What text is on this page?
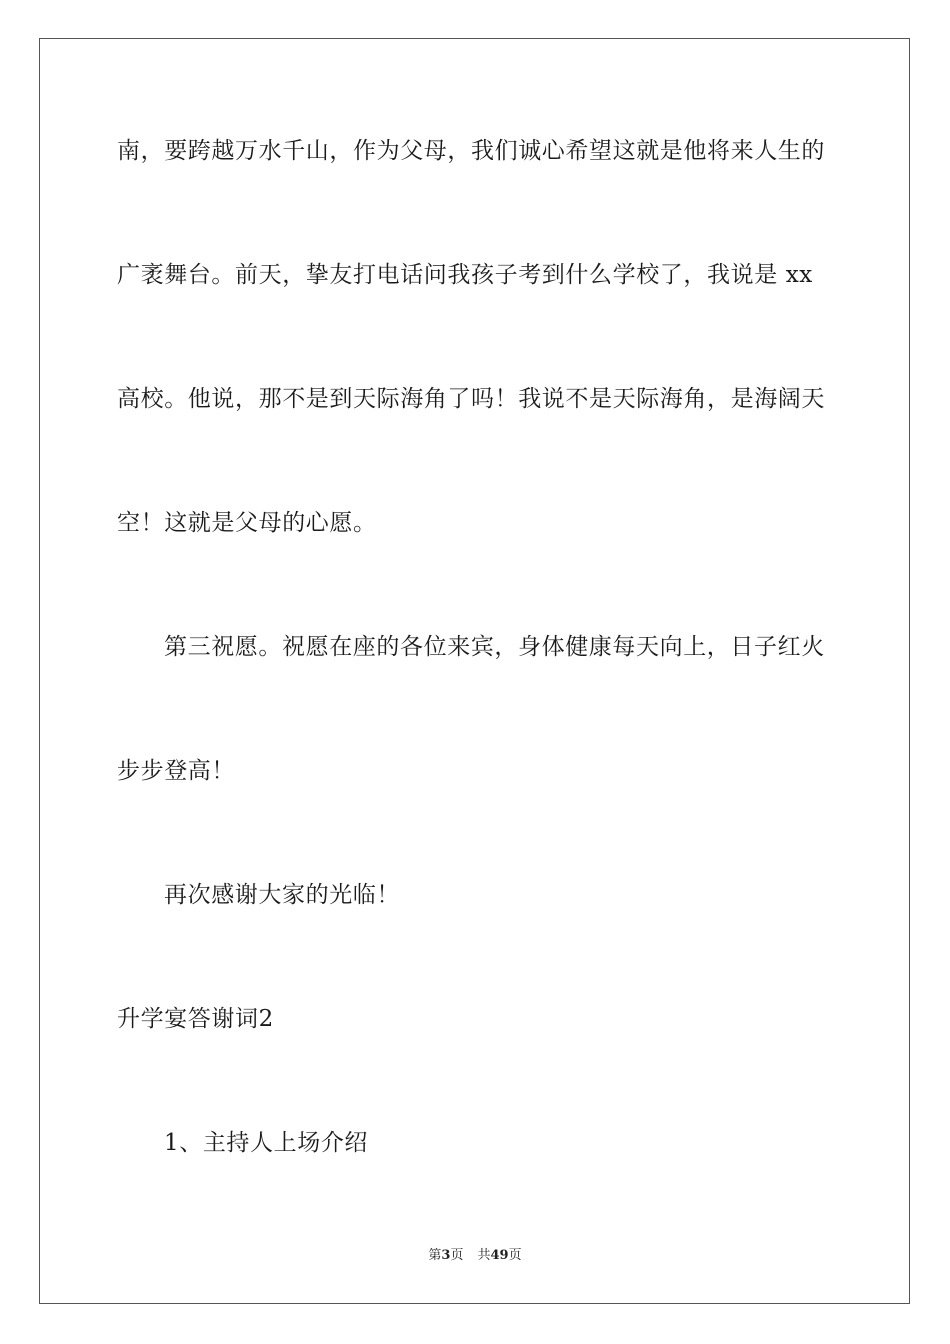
南，要跨越万水千山，作为父母，我们诚心希望这就是他将来人生的
广袤舞台。前天，挚友打电话问我孩子考到什么学校了，我说是 xx
高校。他说，那不是到天际海角了吗！我说不是天际海角，是海阔天
空！这就是父母的心愿。
第三祝愿。祝愿在座的各位来宾，身体健康每天向上，日子红火
步步登高！
再次感谢大家的光临！
升学宴答谢词2
1、主持人上场介绍
第3页 共49页
